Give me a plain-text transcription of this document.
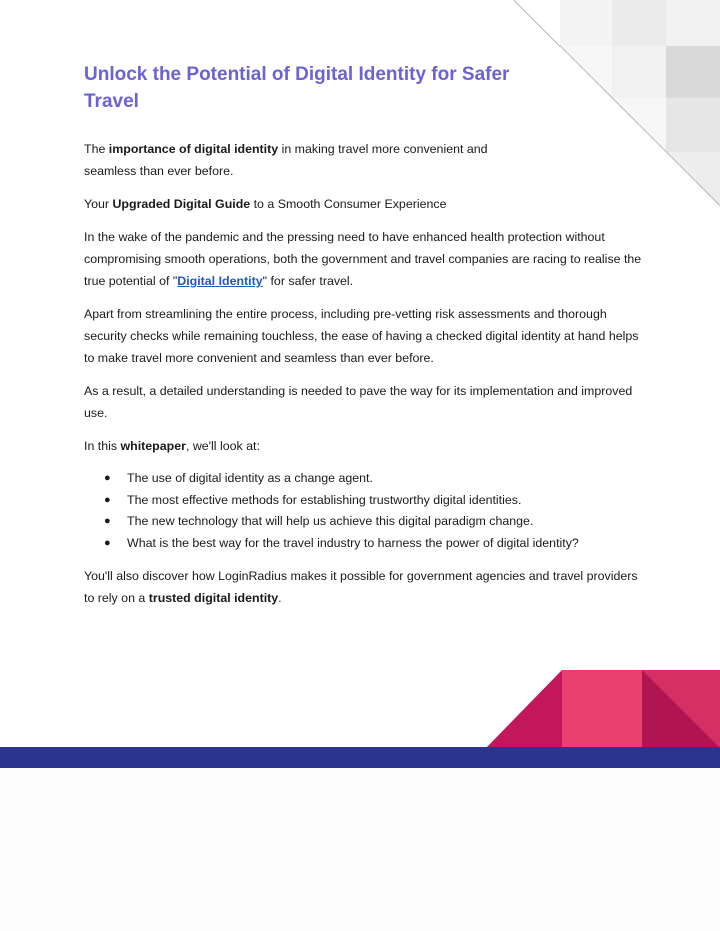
Unlock the Potential of Digital Identity for Safer Travel

The importance of digital identity in making travel more convenient and seamless than ever before.

Your Upgraded Digital Guide to a Smooth Consumer Experience

In the wake of the pandemic and the pressing need to have enhanced health protection without compromising smooth operations, both the government and travel companies are racing to realise the true potential of "Digital Identity" for safer travel.

Apart from streamlining the entire process, including pre-vetting risk assessments and thorough security checks while remaining touchless, the ease of having a checked digital identity at hand helps to make travel more convenient and seamless than ever before.

As a result, a detailed understanding is needed to pave the way for its implementation and improved use.

In this whitepaper, we'll look at:

● The use of digital identity as a change agent.
● The most effective methods for establishing trustworthy digital identities.
● The new technology that will help us achieve this digital paradigm change.
● What is the best way for the travel industry to harness the power of digital identity?

You'll also discover how LoginRadius makes it possible for government agencies and travel providers to rely on a trusted digital identity.
